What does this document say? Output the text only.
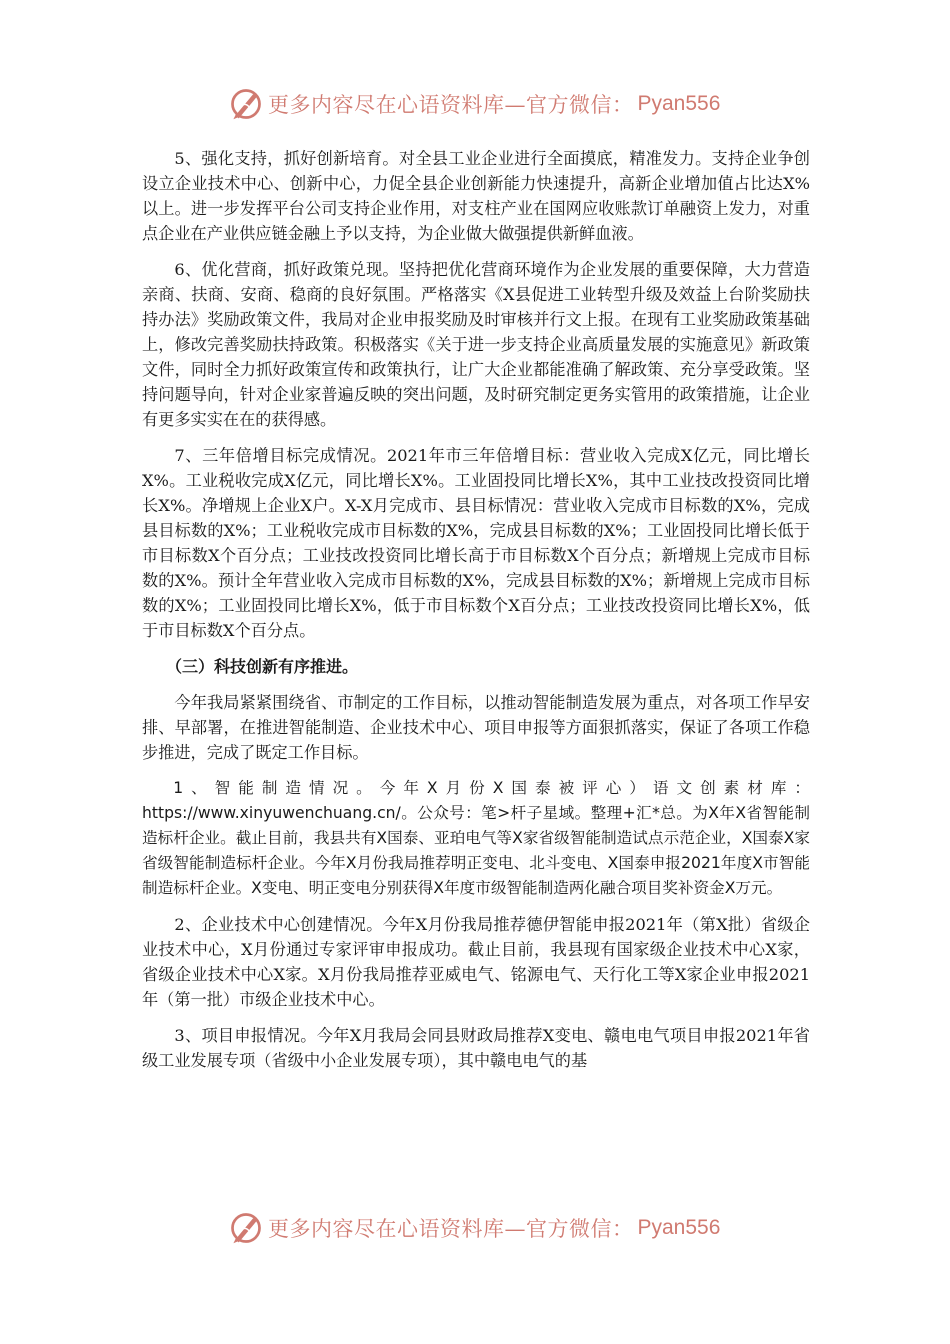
更多内容尽在心语资料库—官方微信： Pyan556

5、强化支持，抓好创新培育。对全县工业企业进行全面摸底，精准发力。支持企业争创设立企业技术中心、创新中心，力促全县企业创新能力快速提升，高新企业增加值占比达X%以上。进一步发挥平台公司支持企业作用，对支柱产业在国网应收账款订单融资上发力，对重点企业在产业供应链金融上予以支持，为企业做大做强提供新鲜血液。

6、优化营商，抓好政策兑现。坚持把优化营商环境作为企业发展的重要保障，大力营造亲商、扶商、安商、稳商的良好氛围。严格落实《X县促进工业转型升级及效益上台阶奖励扶持办法》奖励政策文件，我局对企业申报奖励及时审核并行文上报。在现有工业奖励政策基础上，修改完善奖励扶持政策。积极落实《关于进一步支持企业高质量发展的实施意见》新政策文件，同时全力抓好政策宣传和政策执行，让广大企业都能准确了解政策、充分享受政策。坚持问题导向，针对企业家普遍反映的突出问题，及时研究制定更务实管用的政策措施，让企业有更多实实在在的获得感。

7、三年倍增目标完成情况。2021年市三年倍增目标：营业收入完成X亿元，同比增长X%。工业税收完成X亿元，同比增长X%。工业固投同比增长X%，其中工业技改投资同比增长X%。净增规上企业X户。X-X月完成市、县目标情况：营业收入完成市目标数的X%，完成县目标数的X%；工业税收完成市目标数的X%，完成县目标数的X%；工业固投同比增长低于市目标数X个百分点；工业技改投资同比增长高于市目标数X个百分点；新增规上完成市目标数的X%。预计全年营业收入完成市目标数的X%，完成县目标数的X%；新增规上完成市目标数的X%；工业固投同比增长X%，低于市目标数个X百分点；工业技改投资同比增长X%，低于市目标数X个百分点。

（三）科技创新有序推进。

今年我局紧紧围绕省、市制定的工作目标，以推动智能制造发展为重点，对各项工作早安排、早部署，在推进智能制造、企业技术中心、项目申报等方面狠抓落实，保证了各项工作稳步推进，完成了既定工作目标。

1、智能制造情况。今年X月份X国泰被评心）语文创素材库：https://www.xinyuwenchuang.cn/。公众号：笔>杆子星域。整理+汇*总。为X年X省智能制造标杆企业。截止目前，我县共有X国泰、亚珀电气等X家省级智能制造试点示范企业，X国泰X家省级智能制造标杆企业。今年X月份我局推荐明正变电、北斗变电、X国泰申报2021年度X市智能制造标杆企业。X变电、明正变电分别获得X年度市级智能制造两化融合项目奖补资金X万元。

2、企业技术中心创建情况。今年X月份我局推荐德伊智能申报2021年（第X批）省级企业技术中心，X月份通过专家评审申报成功。截止目前，我县现有国家级企业技术中心X家，省级企业技术中心X家。X月份我局推荐亚威电气、铭源电气、天行化工等X家企业申报2021年（第一批）市级企业技术中心。

3、项目申报情况。今年X月我局会同县财政局推荐X变电、赣电电气项目申报2021年省级工业发展专项（省级中小企业发展专项），其中赣电电气的基

更多内容尽在心语资料库—官方微信： Pyan556
